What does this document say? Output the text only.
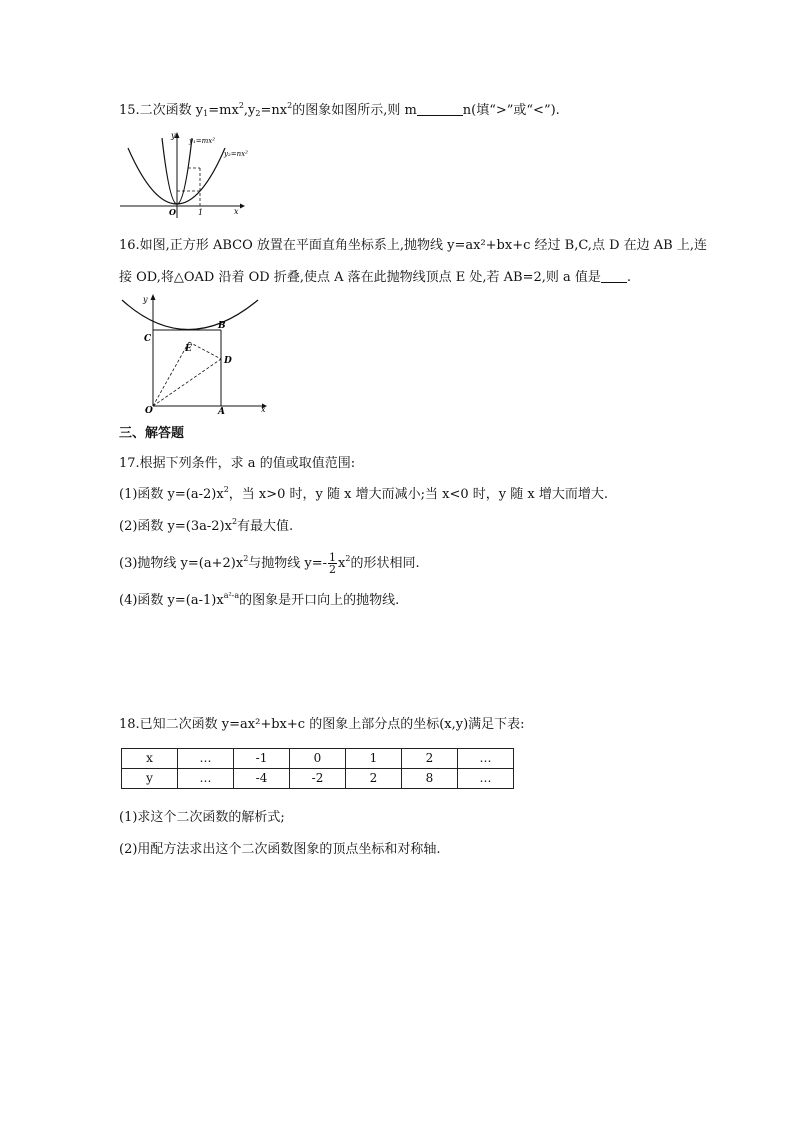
15.二次函数 $y_1=mx^2,y_2=nx^2$的图象如图所示,则 m	n(填“>”或“<”).
y
x
O	1
y₁=mx²
y₂=nx²
16.如图,正方形 ABCO 放置在平面直角坐标系上,抛物线 y=ax²+bx+c 经过 B,C,点 D 在边 AB 上,连
接 OD,将△OAD 沿着 OD 折叠,使点 A 落在此抛物线顶点 E 处,若 AB=2,则 a 值是 .
y
x
O	A
B
C
D
E
三、解答题
17.根据下列条件，求 a 的值或取值范围:
(1)函数 $y=(a-2)x^2$，当 x>0 时，y 随 x 增大而减小;当 x<0 时，y 随 x 增大而增大.
(2)函数 $y=(3a-2)x^2$有最大值.
(3)抛物线 $y=(a+2)x^2$与抛物线 $y=- \frac{1}{2} x^2$的形状相同.
(4)函数 $y=(a-1)x^{a^2-a}$的图象是开口向上的抛物线.
18.已知二次函数 y=ax²+bx+c 的图象上部分点的坐标(x,y)满足下表:
x	…	-1	0	1	2	…
y	…	-4	-2	2	8	…
(1)求这个二次函数的解析式;
(2)用配方法求出这个二次函数图象的顶点坐标和对称轴.
